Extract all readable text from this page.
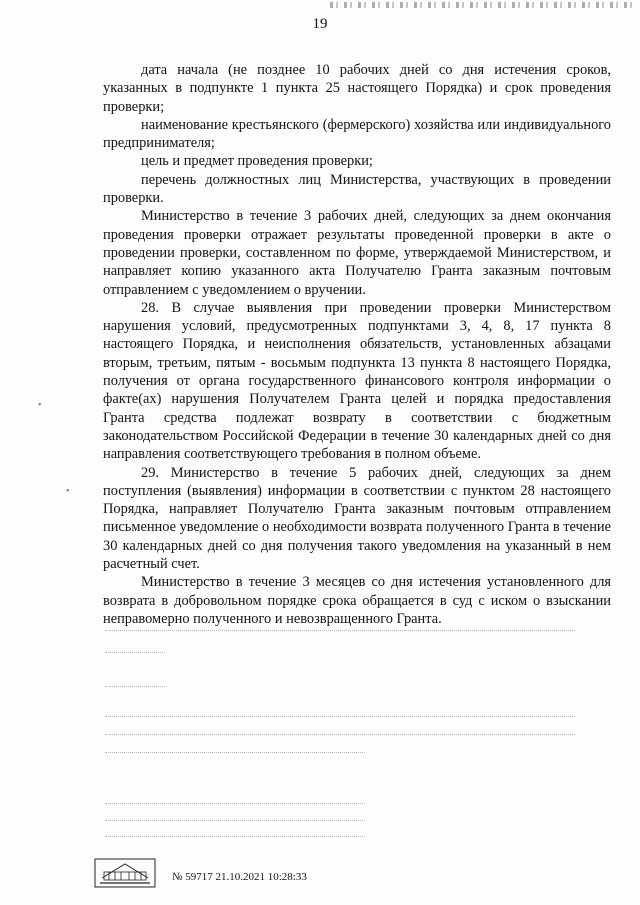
19

дата начала (не позднее 10 рабочих дней со дня истечения сроков, указанных в подпункте 1 пункта 25 настоящего Порядка) и срок проведения проверки;

наименование крестьянского (фермерского) хозяйства или индивидуального предпринимателя;

цель и предмет проведения проверки;

перечень должностных лиц Министерства, участвующих в проведении проверки.

Министерство в течение 3 рабочих дней, следующих за днем окончания проведения проверки отражает результаты проведенной проверки в акте о проведении проверки, составленном по форме, утверждаемой Министерством, и направляет копию указанного акта Получателю Гранта заказным почтовым отправлением с уведомлением о вручении.

28. В случае выявления при проведении проверки Министерством нарушения условий, предусмотренных подпунктами 3, 4, 8, 17 пункта 8 настоящего Порядка, и неисполнения обязательств, установленных абзацами вторым, третьим, пятым - восьмым подпункта 13 пункта 8 настоящего Порядка, получения от органа государственного финансового контроля информации о факте(ах) нарушения Получателем Гранта целей и порядка предоставления Гранта средства подлежат возврату в соответствии с бюджетным законодательством Российской Федерации в течение 30 календарных дней со дня направления соответствующего требования в полном объеме.

29. Министерство в течение 5 рабочих дней, следующих за днем поступления (выявления) информации в соответствии с пунктом 28 настоящего Порядка, направляет Получателю Гранта заказным почтовым отправлением письменное уведомление о необходимости возврата полученного Гранта в течение 30 календарных дней со дня получения такого уведомления на указанный в нем расчетный счет.

Министерство в течение 3 месяцев со дня истечения установленного для возврата в добровольном порядке срока обращается в суд с иском о взыскании неправомерно полученного и невозвращенного Гранта.

•
•
№ 59717 21.10.2021 10:28:33
